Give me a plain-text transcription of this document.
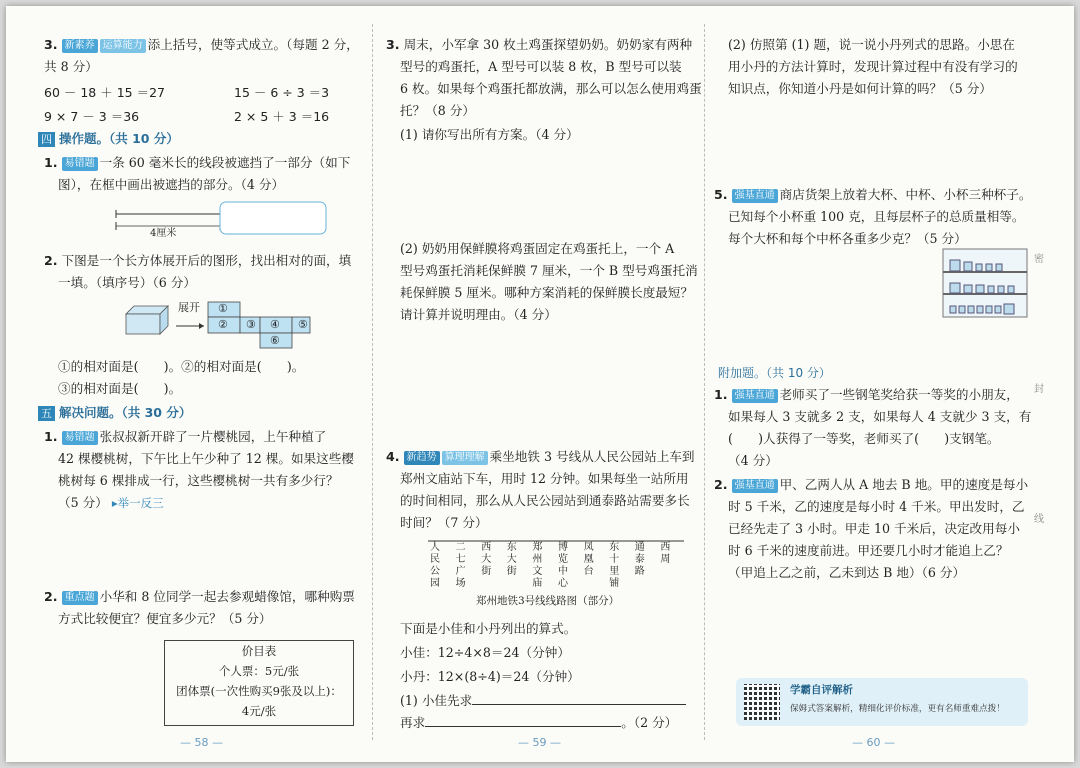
3. 新素养 运算能力 添上括号，使等式成立。（每题 2 分，
共 8 分）
60 － 18 ＋ 15 ＝27	15 － 6 ÷ 3 ＝3
9 × 7 － 3 ＝36	2 × 5 ＋ 3 ＝16
四 操作题。（共 10 分）
1. 易错题 一条 60 毫米长的线段被遮挡了一部分（如下
图），在框中画出被遮挡的部分。（4 分）
4厘米
2. 下图是一个长方体展开后的图形，找出相对的面，填
一填。（填序号）（6 分）
展开 ①
② ③ ④ ⑤
⑥
①的相对面是(　　)。②的相对面是(　　)。
③的相对面是(　　)。
五 解决问题。（共 30 分）
1. 易错题 张叔叔新开辟了一片樱桃园，上午种植了
42 棵樱桃树，下午比上午少种了 12 棵。如果这些樱
桃树每 6 棵排成一行，这些樱桃树一共有多少行？
（5 分） ▸举一反三
2. 重点题 小华和 8 位同学一起去参观蜡像馆，哪种购票
方式比较便宜？便宜多少元？（5 分）
价目表
个人票：5元/张
团体票(一次性购买9张及以上)：
4元/张
— 58 —
3. 周末，小军拿 30 枚土鸡蛋探望奶奶。奶奶家有两种
型号的鸡蛋托，A 型号可以装 8 枚，B 型号可以装
6 枚。如果每个鸡蛋托都放满，那么可以怎么使用鸡蛋
托？（8 分）
(1) 请你写出所有方案。（4 分）
(2) 奶奶用保鲜膜将鸡蛋固定在鸡蛋托上，一个 A
型号鸡蛋托消耗保鲜膜 7 厘米，一个 B 型号鸡蛋托消
耗保鲜膜 5 厘米。哪种方案消耗的保鲜膜长度最短？
请计算并说明理由。（4 分）
4. 新趋势 算理理解 乘坐地铁 3 号线从人民公园站上车到
郑州文庙站下车，用时 12 分钟。如果每坐一站所用
的时间相同，那么从人民公园站到通泰路站需要多长
时间？（7 分）
人民公园
二七广场
西大街
东大街
郑州文庙
博览中心
凤凰台
东十里铺
通泰路
西周
郑州地铁3号线线路图（部分）
下面是小佳和小丹列出的算式。
小佳：12÷4×8＝24（分钟）
小丹：12×(8÷4)＝24（分钟）
(1) 小佳先求
再求	。（2 分）
— 59 —
(2) 仿照第 (1) 题，说一说小丹列式的思路。小思在
用小丹的方法计算时，发现计算过程中有没有学习的
知识点，你知道小丹是如何计算的吗？（5 分）
5. 强基直通 商店货架上放着大杯、中杯、小杯三种杯子。
已知每个小杯重 100 克，且每层杯子的总质量相等。
每个大杯和每个中杯各重多少克？（5 分）
附加题。（共 10 分）
1. 强基直通 老师买了一些钢笔奖给获一等奖的小朋友，
如果每人 3 支就多 2 支，如果每人 4 支就少 3 支，有
(　　)人获得了一等奖，老师买了(　　)支钢笔。
（4 分）
2. 强基直通 甲、乙两人从 A 地去 B 地。甲的速度是每小
时 5 千米，乙的速度是每小时 4 千米。甲出发时，乙
已经先走了 3 小时。甲走 10 千米后，决定改用每小
时 6 千米的速度前进。甲还要几小时才能追上乙？
（甲追上乙之前，乙未到达 B 地）（6 分）
— 60 —
学霸自评解析
保姆式答案解析，精细化评价标准，更有名师重难点拨！
密
封
线
